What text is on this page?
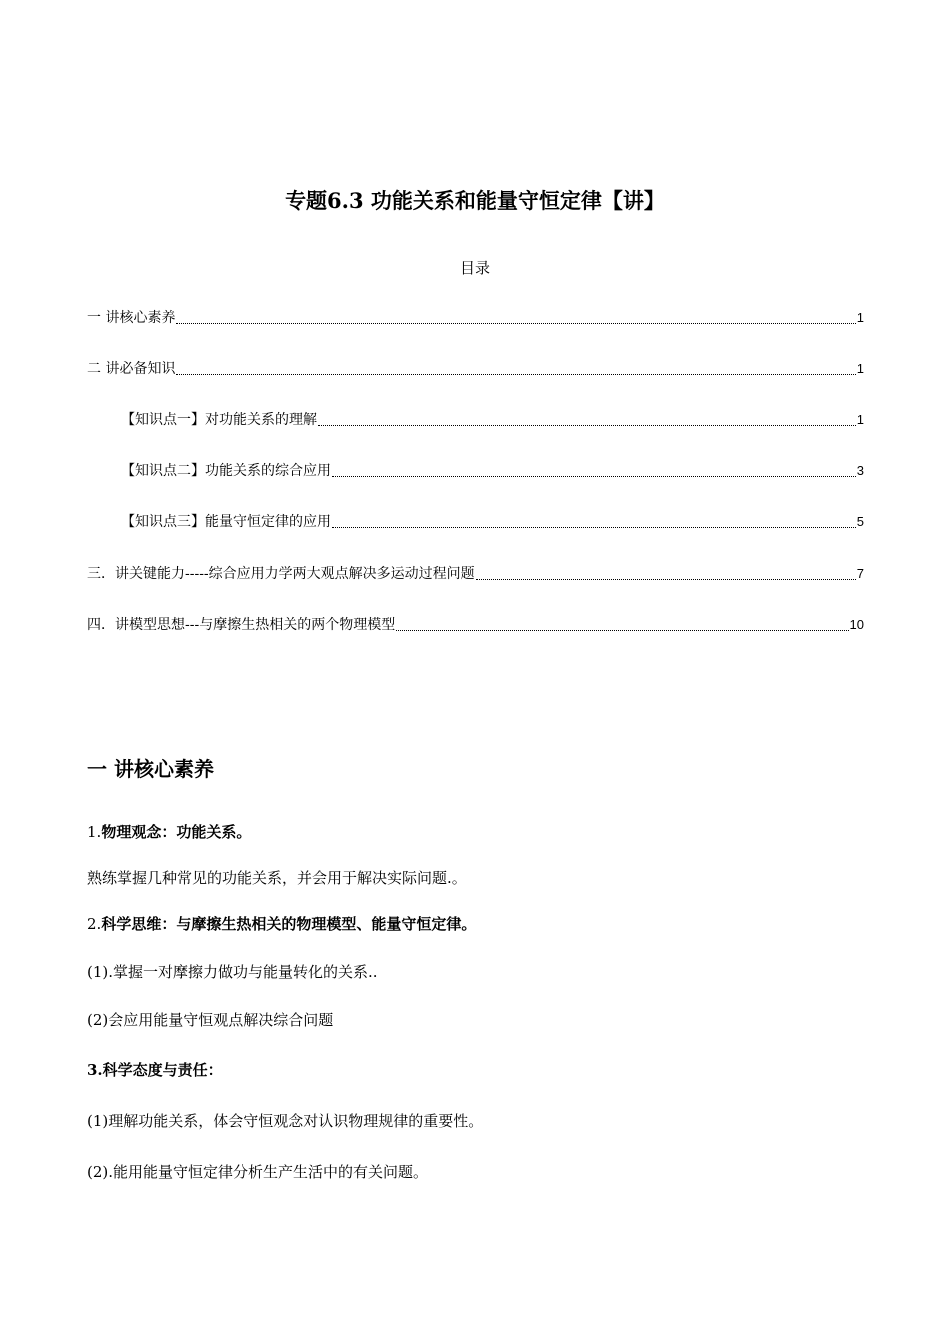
专题6.3 功能关系和能量守恒定律【讲】
目录
一 讲核心素养	1
二 讲必备知识	1
【知识点一】对功能关系的理解	1
【知识点二】功能关系的综合应用	3
【知识点三】能量守恒定律的应用	5
三．讲关键能力-----综合应用力学两大观点解决多运动过程问题	7
四．讲模型思想---与摩擦生热相关的两个物理模型	10
一 讲核心素养
1.物理观念：功能关系。
熟练掌握几种常见的功能关系，并会用于解决实际问题.。
2.科学思维：与摩擦生热相关的物理模型、能量守恒定律。
(1).掌握一对摩擦力做功与能量转化的关系..
(2)会应用能量守恒观点解决综合问题
3.科学态度与责任：
(1)理解功能关系，体会守恒观念对认识物理规律的重要性。
(2).能用能量守恒定律分析生产生活中的有关问题。
